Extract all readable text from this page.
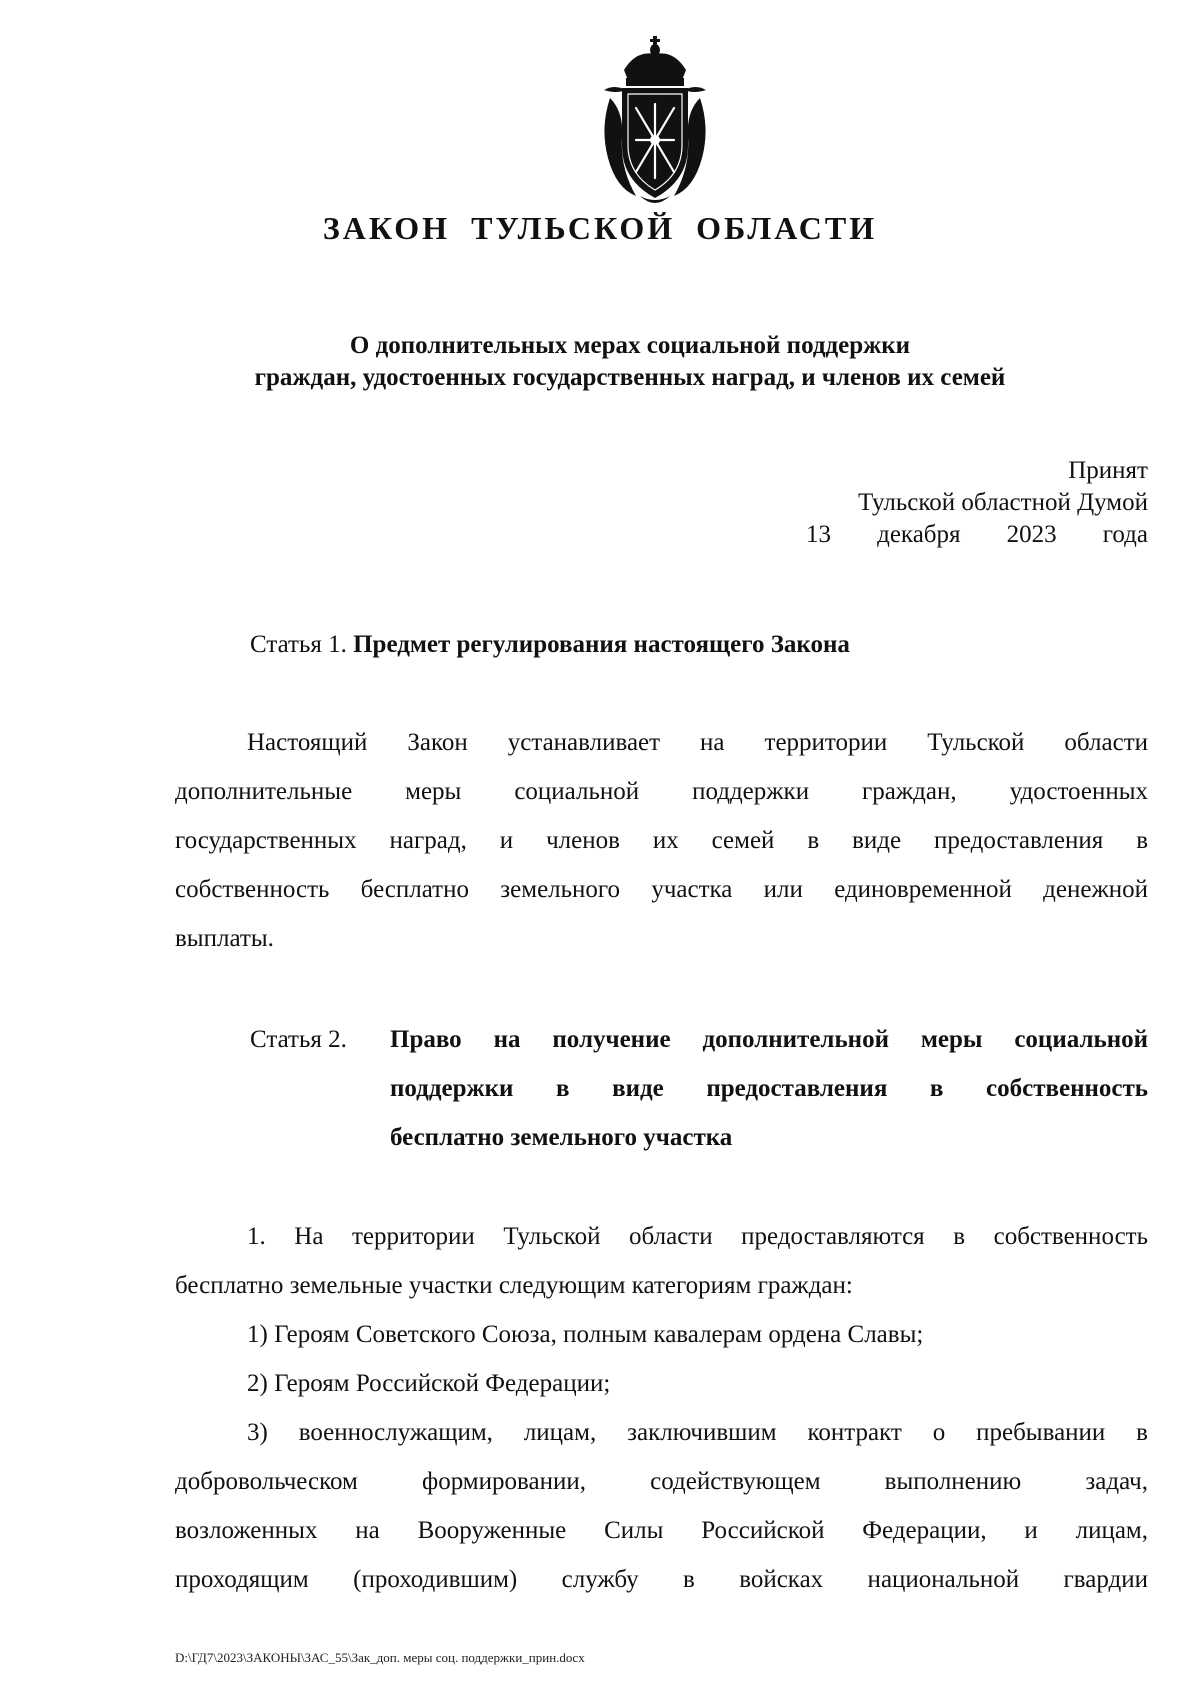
ЗАКОН ТУЛЬСКОЙ ОБЛАСТИ
О дополнительных мерах социальной поддержки
граждан, удостоенных государственных наград, и членов их семей
Принят
Тульской областной Думой
13 декабря 2023 года
Статья 1. Предмет регулирования настоящего Закона
Настоящий Закон устанавливает на территории Тульской области
дополнительные меры социальной поддержки граждан, удостоенных
государственных наград, и членов их семей в виде предоставления в
собственность бесплатно земельного участка или единовременной денежной
выплаты.
Статья 2. Право на получение дополнительной меры социальной
поддержки в виде предоставления в собственность
бесплатно земельного участка
1. На территории Тульской области предоставляются в собственность
бесплатно земельные участки следующим категориям граждан:
1) Героям Советского Союза, полным кавалерам ордена Славы;
2) Героям Российской Федерации;
3) военнослужащим, лицам, заключившим контракт о пребывании в
добровольческом формировании, содействующем выполнению задач,
возложенных на Вооруженные Силы Российской Федерации, и лицам,
проходящим (проходившим) службу в войсках национальной гвардии
D:\ГД7\2023\ЗАКОНЫ\ЗАС_55\Зак_доп. меры соц. поддержки_прин.docx
